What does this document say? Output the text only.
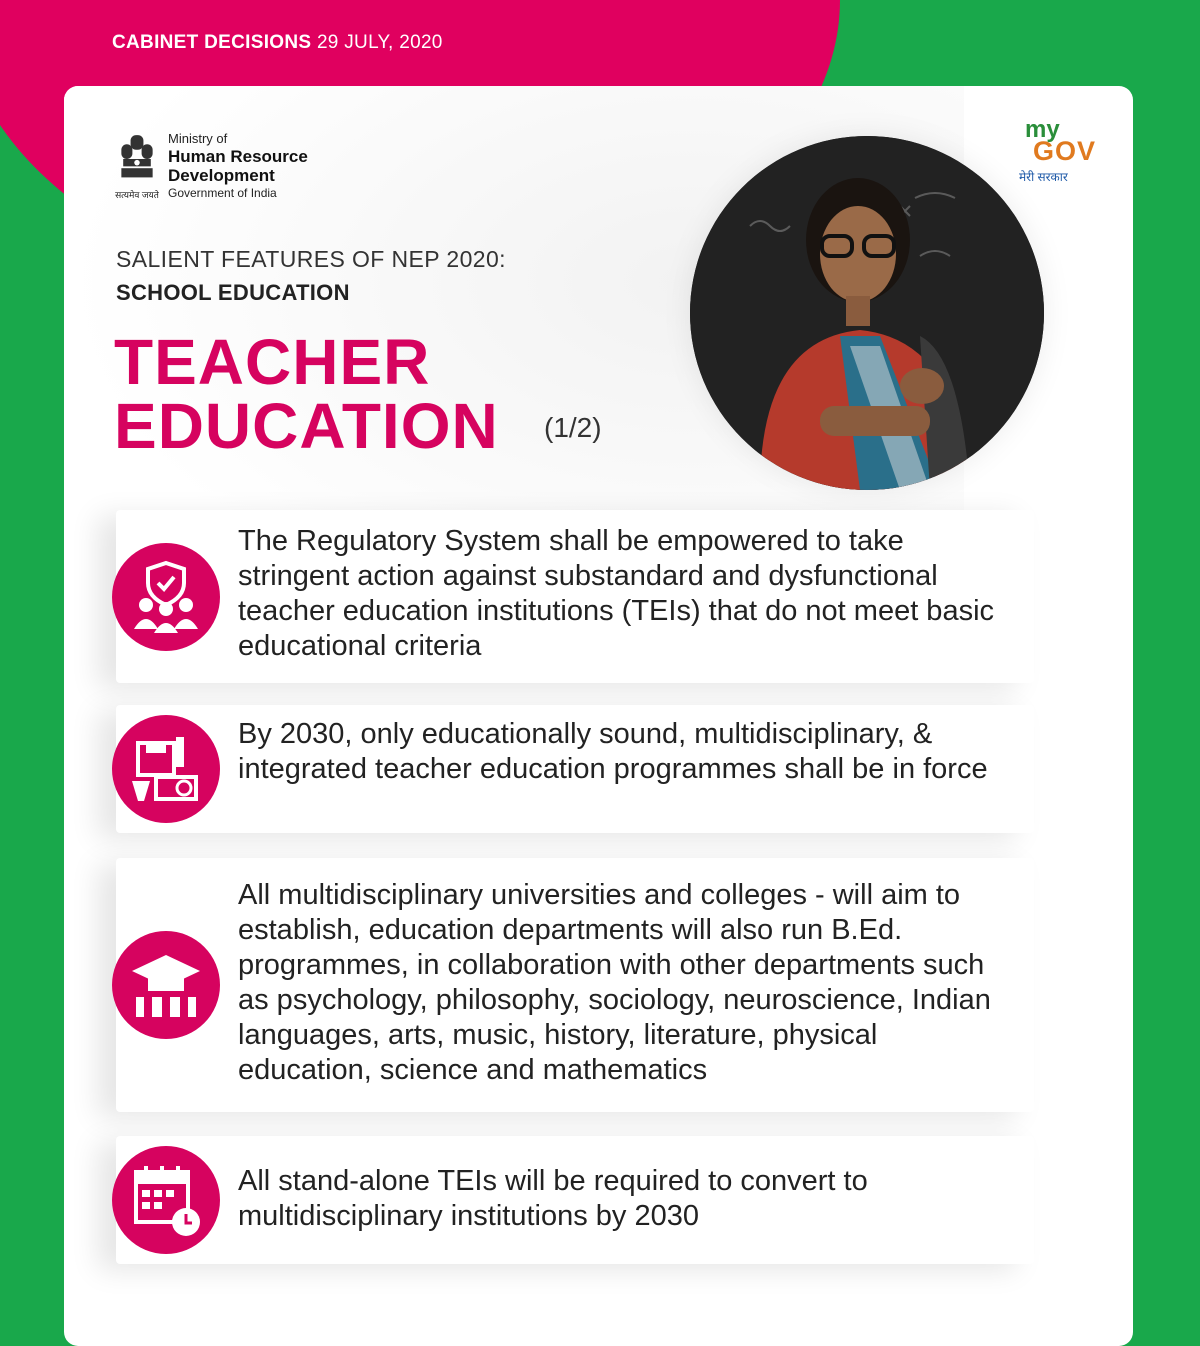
CABINET DECISIONS 29 JULY, 2020
सत्यमेव जयते
Ministry of
Human Resource
Development
Government of India
my
GOV
मेरी सरकार
SALIENT FEATURES OF NEP 2020:
SCHOOL EDUCATION
TEACHER
EDUCATION (1/2)

The Regulatory System shall be empowered to take stringent action against substandard and dysfunctional teacher education institutions (TEIs) that do not meet basic educational criteria

By 2030, only educationally sound, multidisciplinary, & integrated teacher education programmes shall be in force

All multidisciplinary universities and colleges - will aim to establish, education departments will also run B.Ed. programmes, in collaboration with other departments such as psychology, philosophy, sociology, neuroscience, Indian languages, arts, music, history, literature, physical education, science and mathematics

All stand-alone TEIs will be required to convert to multidisciplinary institutions by 2030
